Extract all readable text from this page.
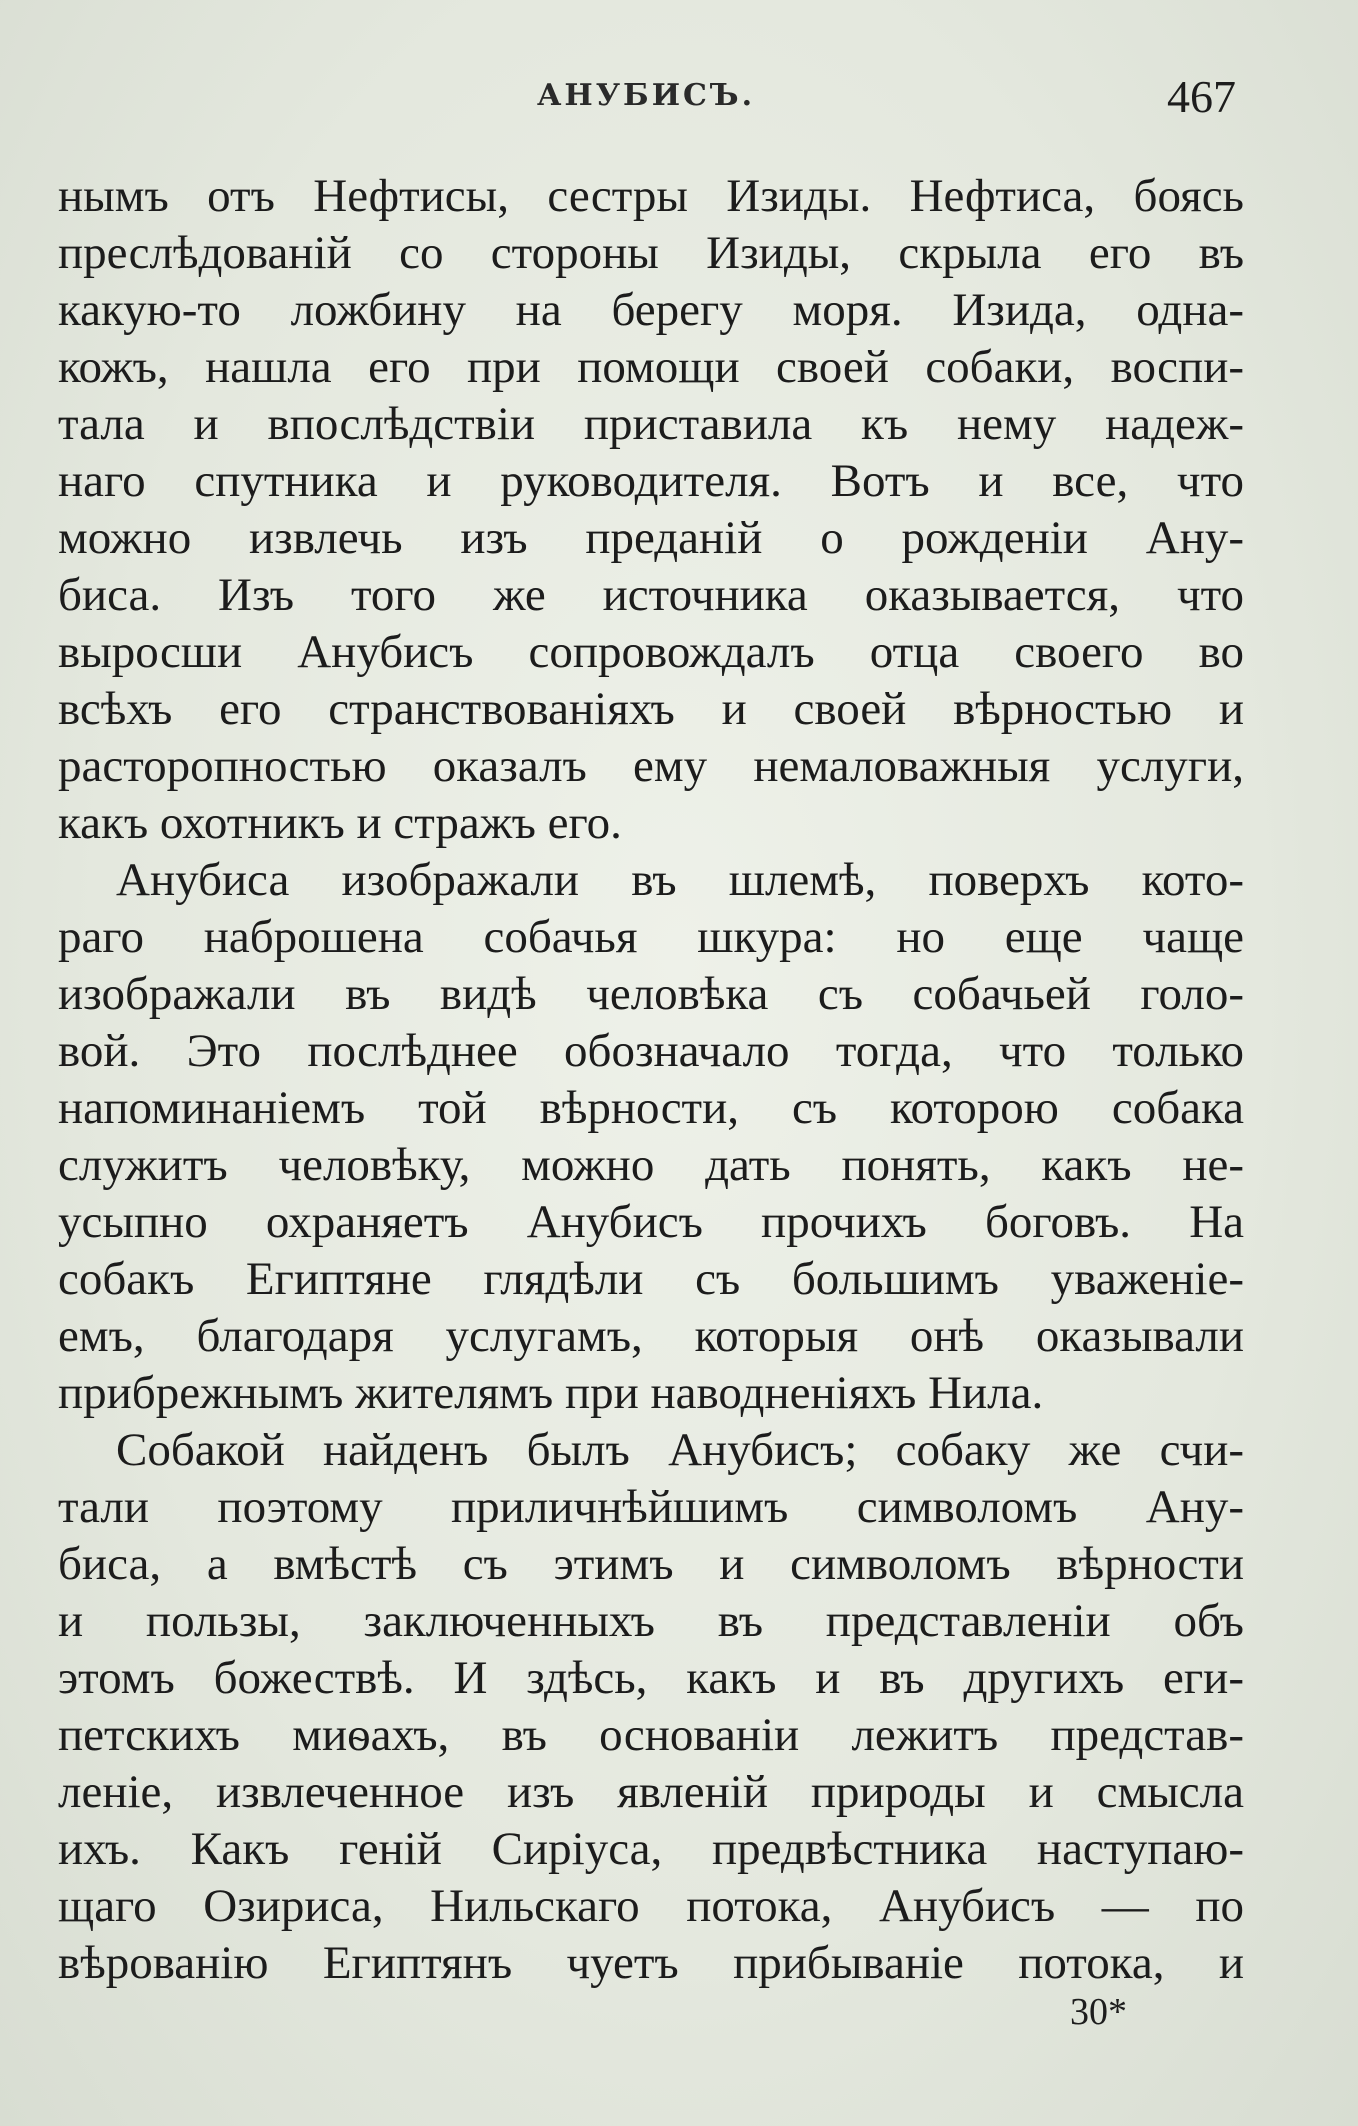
АНУБИСЪ.	467
нымъ отъ Нефтисы, сестры Изиды. Нефтиса, боясь
преслѣдованій со стороны Изиды, скрыла его въ
какую-то ложбину на берегу моря. Изида, одна-
кожъ, нашла его при помощи своей собаки, воспи-
тала и впослѣдствіи приставила къ нему надеж-
наго спутника и руководителя. Вотъ и все, что
можно извлечь изъ преданій о рожденіи Ану-
биса. Изъ того же источника оказывается, что
выросши Анубисъ сопровождалъ отца своего во
всѣхъ его странствованіяхъ и своей вѣрностью и
расторопностью оказалъ ему немаловажныя услуги,
какъ охотникъ и стражъ его.
Анубиса изображали въ шлемѣ, поверхъ кото-
раго наброшена собачья шкура: но еще чаще
изображали въ видѣ человѣка съ собачьей голо-
вой. Это послѣднее обозначало тогда, что только
напоминаніемъ той вѣрности, съ которою собака
служитъ человѣку, можно дать понять, какъ не-
усыпно охраняетъ Анубисъ прочихъ боговъ. На
собакъ Египтяне глядѣли съ большимъ уваженiе-
емъ, благодаря услугамъ, которыя онѣ оказывали
прибрежнымъ жителямъ при наводненіяхъ Нила.
Собакой найденъ былъ Анубисъ; собаку же счи-
тали поэтому приличнѣйшимъ символомъ Ану-
биса, а вмѣстѣ съ этимъ и символомъ вѣрности
и пользы, заключенныхъ въ представленіи объ
этомъ божествѣ. И здѣсь, какъ и въ другихъ еги-
петскихъ миѳахъ, въ основаніи лежитъ представ-
леніе, извлеченное изъ явленій природы и смысла
ихъ. Какъ геній Сиріуса, предвѣстника наступаю-
щаго Озириса, Нильскаго потока, Анубисъ — по
вѣрованію Египтянъ чуетъ прибываніе потока, и
30*
